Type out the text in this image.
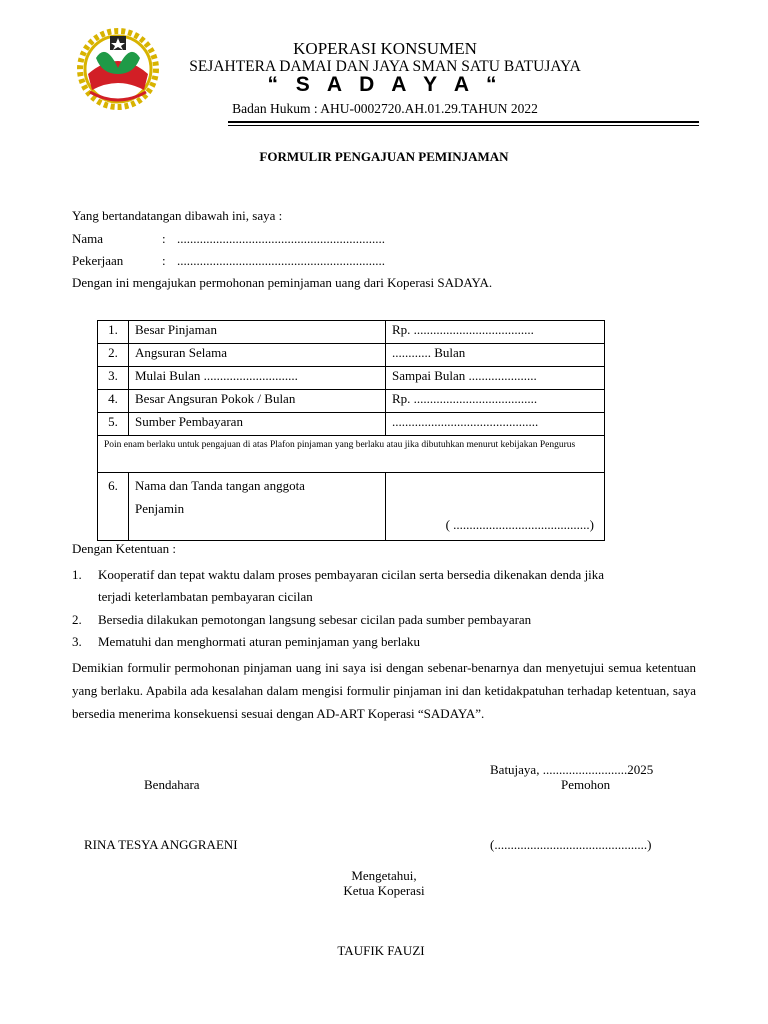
KOPERASI KONSUMEN
SEJAHTERA DAMAI DAN JAYA SMAN SATU BATUJAYA
“ S A D A Y A “
Badan Hukum : AHU-0002720.AH.01.29.TAHUN 2022
FORMULIR PENGAJUAN PEMINJAMAN
Yang bertandatangan dibawah ini, saya :
Nama	: ................................................................
Pekerjaan	: ................................................................
Dengan ini mengajukan permohonan peminjaman uang dari Koperasi SADAYA.
1.	Besar Pinjaman	Rp. .....................................
2.	Angsuran Selama	............ Bulan
3.	Mulai Bulan .............................	Sampai Bulan .....................
4.	Besar Angsuran Pokok / Bulan	Rp. ......................................
5.	Sumber Pembayaran	.............................................
Poin enam berlaku untuk pengajuan di atas Plafon pinjaman yang berlaku atau jika dibutuhkan menurut kebijakan Pengurus		
6.	Nama dan Tanda tangan anggota
Penjamin	( ..........................................)
Dengan Ketentuan :
1. Kooperatif dan tepat waktu dalam proses pembayaran cicilan serta bersedia dikenakan denda jika
terjadi keterlambatan pembayaran cicilan
2. Bersedia dilakukan pemotongan langsung sebesar cicilan pada sumber pembayaran
3. Mematuhi dan menghormati aturan peminjaman yang berlaku
Demikian formulir permohonan pinjaman uang ini saya isi dengan sebenar-benarnya dan menyetujui semua ketentuan yang berlaku. Apabila ada kesalahan dalam mengisi formulir pinjaman ini dan ketidakpatuhan terhadap ketentuan, saya bersedia menerima konsekuensi sesuai dengan AD-ART Koperasi “SADAYA”.
Batujaya, ..........................2025
Bendahara	Pemohon
RINA TESYA ANGGRAENI	(...............................................)
Mengetahui,
Ketua Koperasi
TAUFIK FAUZI
